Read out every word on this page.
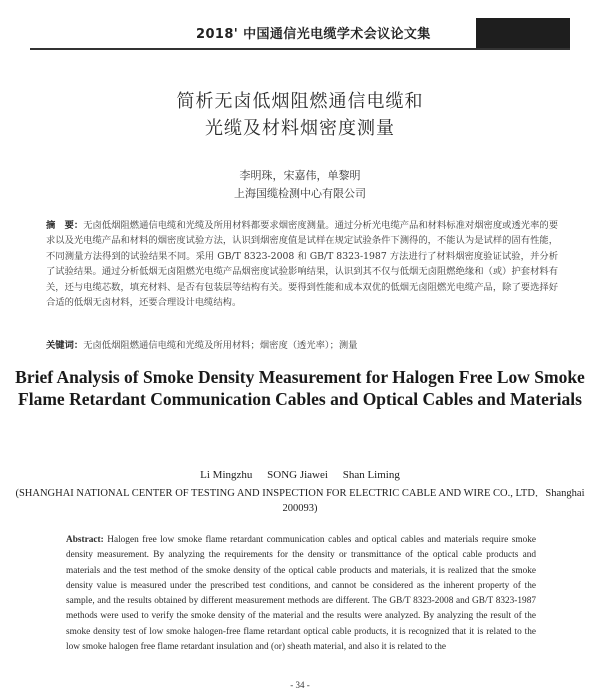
2018' 中国通信光电缆学术会议论文集
简析无卤低烟阻燃通信电缆和
光缆及材料烟密度测量
李明珠，宋嘉伟，单黎明
上海国缆检测中心有限公司
摘　要：无卤低烟阻燃通信电缆和光缆及所用材料都要求烟密度测量。通过分析光电缆产品和材料标准对烟密度或透光率的要求以及光电缆产品和材料的烟密度试验方法，认识到烟密度值是试样在规定试验条件下测得的，不能认为是试样的固有性能，不同测量方法得到的试验结果不同。采用 GB/T 8323-2008 和 GB/T 8323-1987 方法进行了材料烟密度验证试验，并分析了试验结果。通过分析低烟无卤阻燃光电缆产品烟密度试验影响结果，认识到其不仅与低烟无卤阻燃绝缘和（或）护套材料有关，还与电缆芯数，填充材料、是否有包装层等结构有关。要得到性能和成本双优的低烟无卤阻燃光电缆产品，除了要选择好合适的低烟无卤材料，还要合理设计电缆结构。
关键词：无卤低烟阻燃通信电缆和光缆及所用材料；烟密度（透光率）；测量
Brief Analysis of Smoke Density Measurement for Halogen Free Low Smoke Flame Retardant Communication Cables and Optical Cables and Materials
Li Mingzhu SONG Jiawei Shan Liming
(SHANGHAI NATIONAL CENTER OF TESTING AND INSPECTION FOR ELECTRIC CABLE AND WIRE CO., LTD．Shanghai 200093)
Abstract: Halogen free low smoke flame retardant communication cables and optical cables and materials require smoke density measurement. By analyzing the requirements for the density or transmittance of the optical cable products and materials and the test method of the smoke density of the optical cable products and materials, it is realized that the smoke density value is measured under the prescribed test conditions, and cannot be considered as the inherent property of the sample, and the results obtained by different measurement methods are different. The GB/T 8323-2008 and GB/T 8323-1987 methods were used to verify the smoke density of the material and the results were analyzed. By analyzing the result of the smoke density test of low smoke halogen-free flame retardant optical cable products, it is recognized that it is related to the low smoke halogen free flame retardant insulation and (or) sheath material, and also it is related to the
- 34 -
